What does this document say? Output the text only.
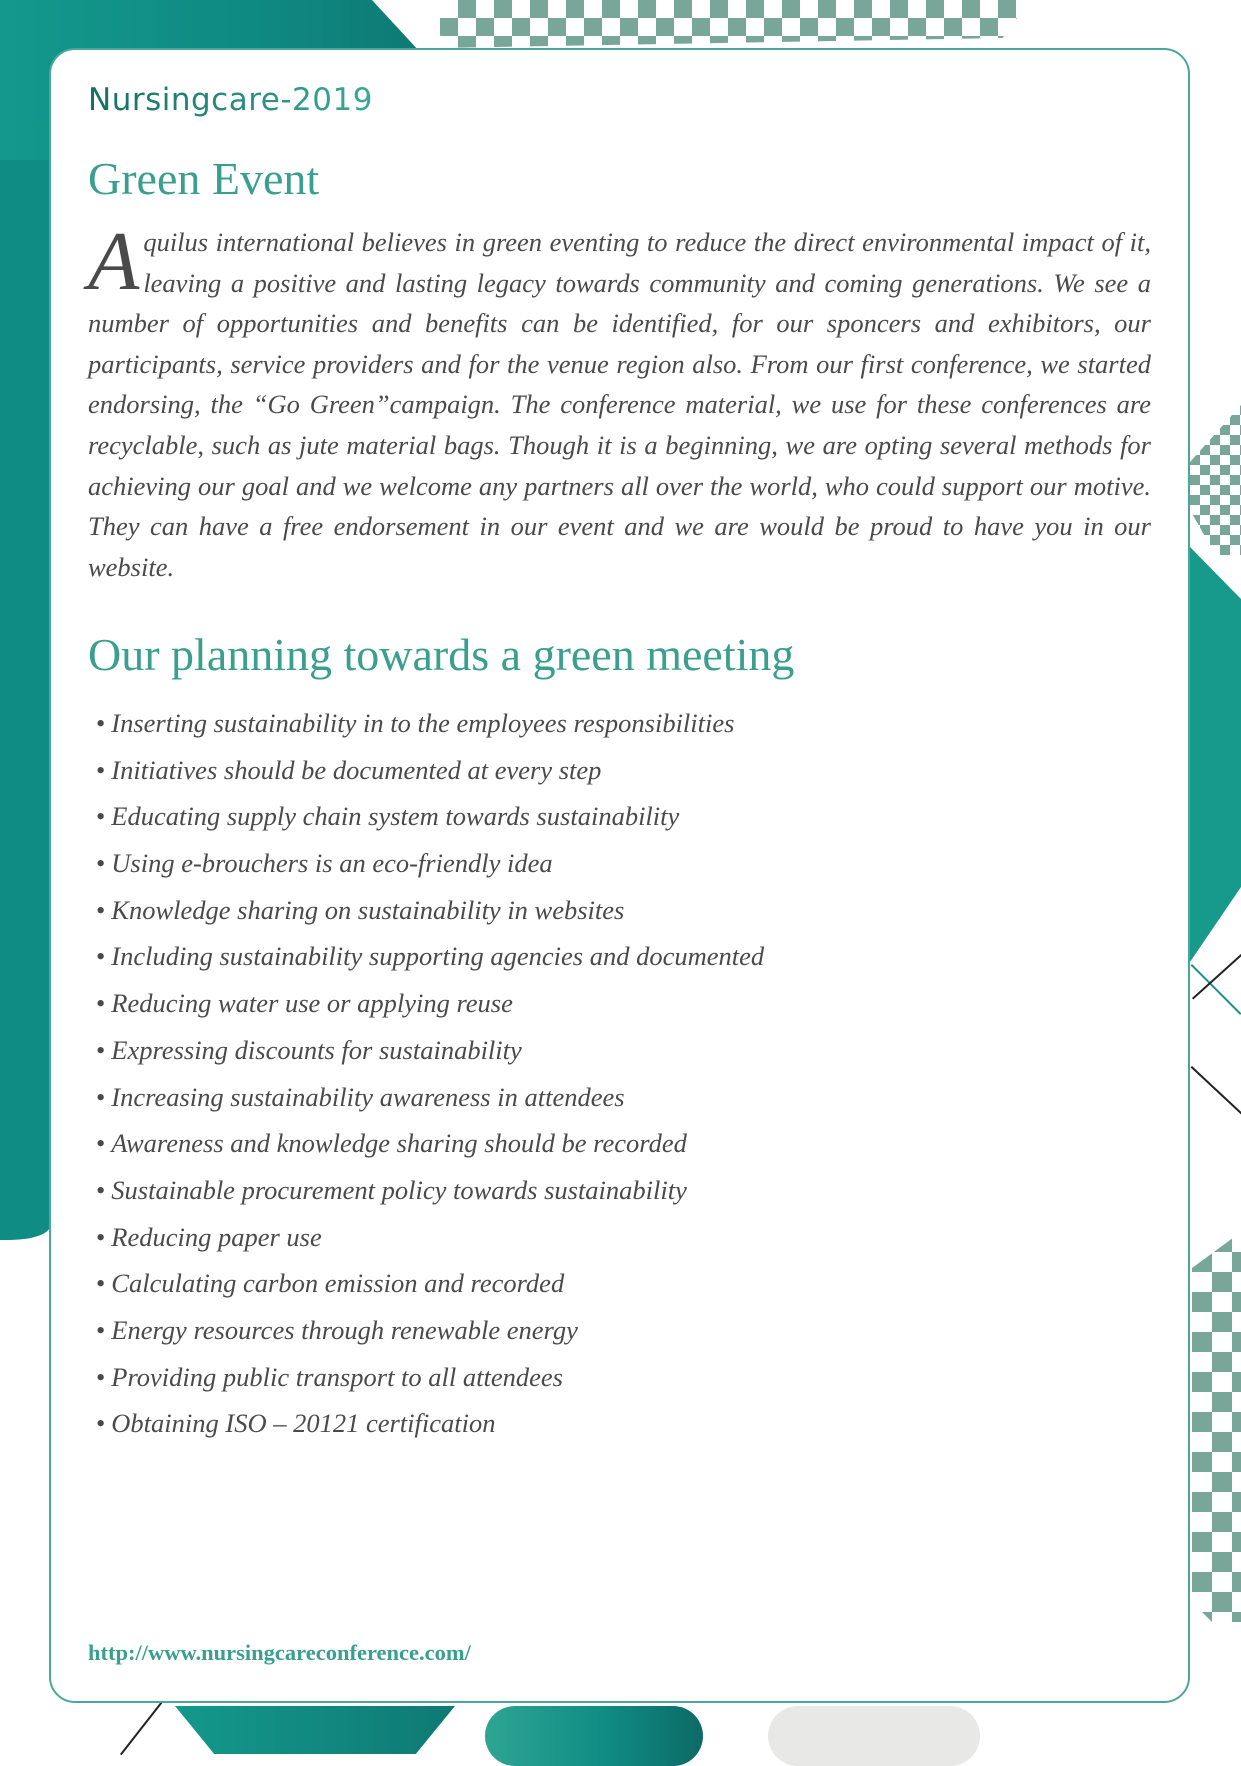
Nursingcare-2019
Green Event

Aquilus international believes in green eventing to reduce the direct environmental impact of it, leaving a positive and lasting legacy towards community and coming generations. We see a number of opportunities and benefits can be identified, for our sponcers and exhibitors, our participants, service providers and for the venue region also. From our first conference, we started endorsing, the “Go Green”campaign. The conference material, we use for these conferences are recyclable, such as jute material bags. Though it is a beginning, we are opting several methods for achieving our goal and we welcome any partners all over the world, who could support our motive. They can have a free endorsement in our event and we are would be proud to have you in our website.

Our planning towards a green meeting
• Inserting sustainability in to the employees responsibilities
• Initiatives should be documented at every step
• Educating supply chain system towards sustainability
• Using e-brouchers is an eco-friendly idea
• Knowledge sharing on sustainability in websites
• Including sustainability supporting agencies and documented
• Reducing water use or applying reuse
• Expressing discounts for sustainability
• Increasing sustainability awareness in attendees
• Awareness and knowledge sharing should be recorded
• Sustainable procurement policy towards sustainability
• Reducing paper use
• Calculating carbon emission and recorded
• Energy resources through renewable energy
• Providing public transport to all attendees
• Obtaining ISO – 20121 certification
http://www.nursingcareconference.com/
